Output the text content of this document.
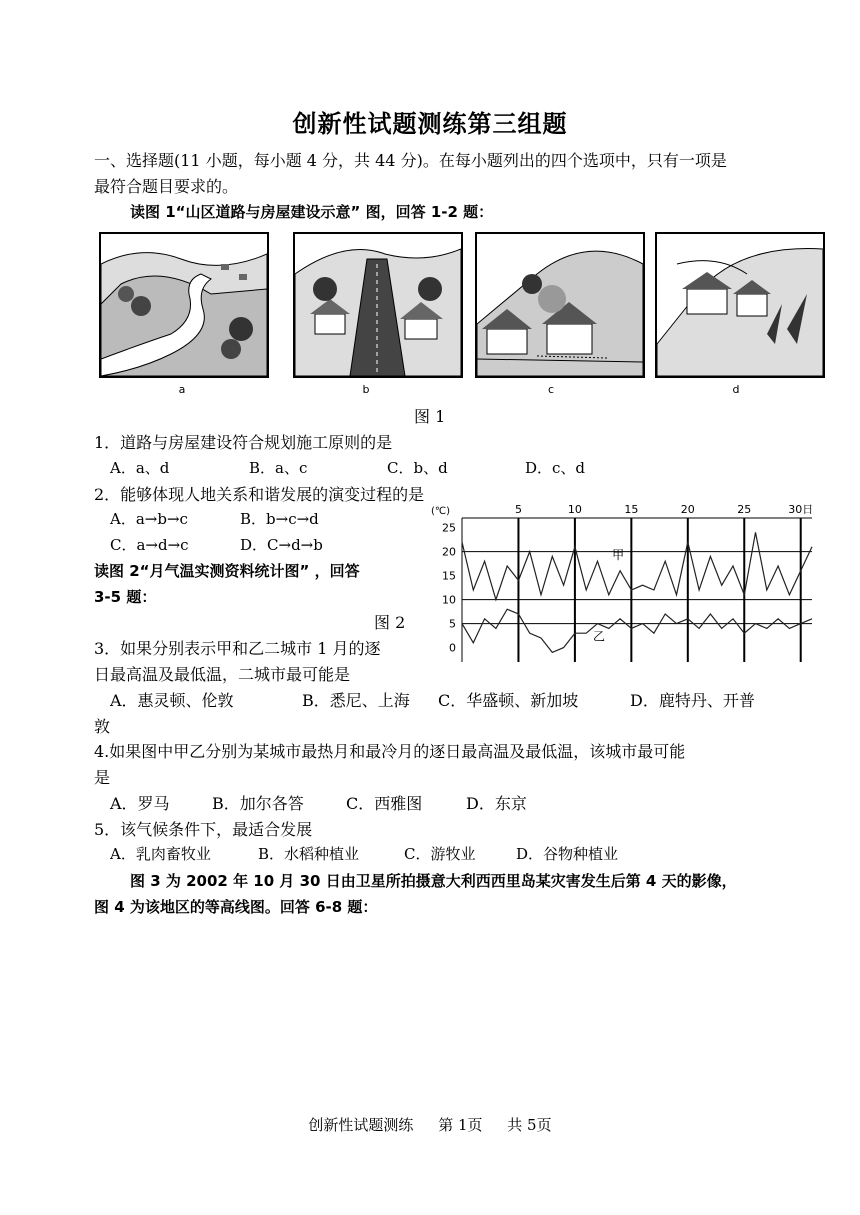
创新性试题测练第三组题
一、选择题(11 小题，每小题 4 分，共 44 分)。在每小题列出的四个选项中，只有一项是
最符合题目要求的。
读图 1“山区道路与房屋建设示意” 图，回答 1-2 题：
a	b	c	d
图 1
1．道路与房屋建设符合规划施工原则的是
A．a、d	B．a、c	C．b、d	D．c、d
2．能够体现人地关系和谐发展的演变过程的是
A．a→b→c	B．b→c→d
C．a→d→c	D．C→d→b
读图 2“月气温实测资料统计图” ，回答
3-5 题：
图 2
0
5
10
15
20
25
5	10	15	20	25	30日
(℃)
甲
乙
3．如果分别表示甲和乙二城市 1 月的逐
日最高温及最低温，二城市最可能是
A．惠灵顿、伦敦	B．悉尼、上海 C．华盛顿、新加坡	D．鹿特丹、开普
敦
4.如果图中甲乙分别为某城市最热月和最冷月的逐日最高温及最低温，该城市最可能
是
A．罗马	B．加尔各答	C．西雅图	D．东京
5．该气候条件下，最适合发展
A．乳肉畜牧业	B．水稻种植业	C．游牧业	D．谷物种植业
图 3 为 2002 年 10 月 30 日由卫星所拍摄意大利西西里岛某灾害发生后第 4 天的影像，
图 4 为该地区的等高线图。回答 6-8 题：
创新性试题测练 第 1页 共 5页
